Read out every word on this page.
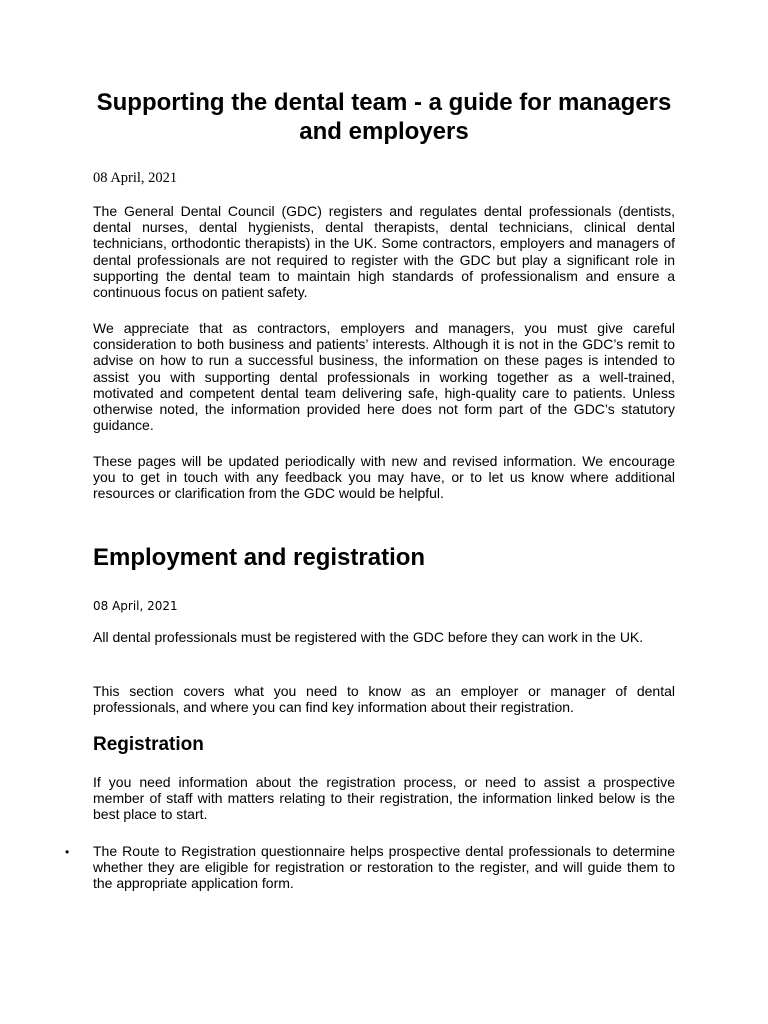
Supporting the dental team - a guide for managers and employers

08 April, 2021

The General Dental Council (GDC) registers and regulates dental professionals (dentists, dental nurses, dental hygienists, dental therapists, dental technicians, clinical dental technicians, orthodontic therapists) in the UK. Some contractors, employers and managers of dental professionals are not required to register with the GDC but play a significant role in supporting the dental team to maintain high standards of professionalism and ensure a continuous focus on patient safety.

We appreciate that as contractors, employers and managers, you must give careful consideration to both business and patients’ interests. Although it is not in the GDC’s remit to advise on how to run a successful business, the information on these pages is intended to assist you with supporting dental professionals in working together as a well-trained, motivated and competent dental team delivering safe, high-quality care to patients. Unless otherwise noted, the information provided here does not form part of the GDC’s statutory guidance.

These pages will be updated periodically with new and revised information. We encourage you to get in touch with any feedback you may have, or to let us know where additional resources or clarification from the GDC would be helpful.

Employment and registration

08 April, 2021

All dental professionals must be registered with the GDC before they can work in the UK.

This section covers what you need to know as an employer or manager of dental professionals, and where you can find key information about their registration.

Registration

If you need information about the registration process, or need to assist a prospective member of staff with matters relating to their registration, the information linked below is the best place to start.

• The Route to Registration questionnaire helps prospective dental professionals to determine whether they are eligible for registration or restoration to the register, and will guide them to the appropriate application form.
